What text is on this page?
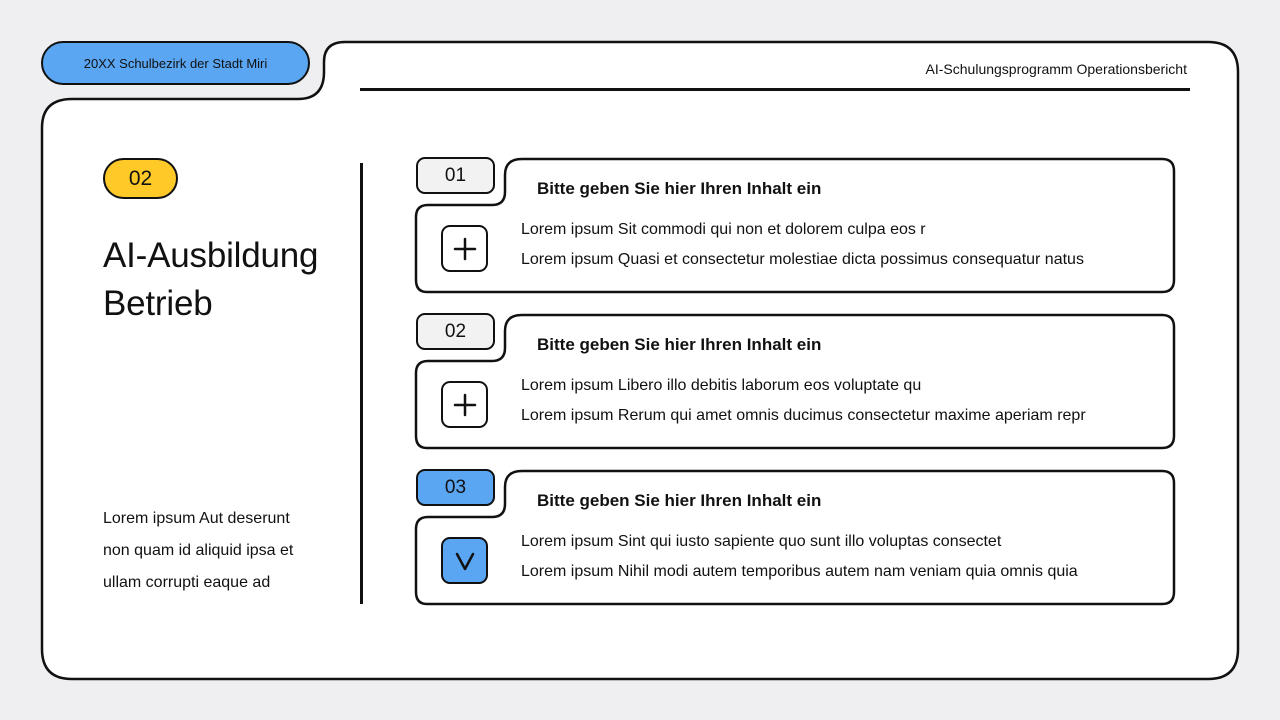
20XX Schulbezirk der Stadt Miri	AI-Schulungsprogramm Operationsbericht
02
AI-Ausbildung
Betrieb
Lorem ipsum Aut deserunt
non quam id aliquid ipsa et
ullam corrupti eaque ad
01
Bitte geben Sie hier Ihren Inhalt ein
Lorem ipsum Sit commodi qui non et dolorem culpa eos r
Lorem ipsum Quasi et consectetur molestiae dicta possimus consequatur natus
02
Bitte geben Sie hier Ihren Inhalt ein
Lorem ipsum Libero illo debitis laborum eos voluptate qu
Lorem ipsum Rerum qui amet omnis ducimus consectetur maxime aperiam repr
03
Bitte geben Sie hier Ihren Inhalt ein
Lorem ipsum Sint qui iusto sapiente quo sunt illo voluptas consectet
Lorem ipsum Nihil modi autem temporibus autem nam veniam quia omnis quia
